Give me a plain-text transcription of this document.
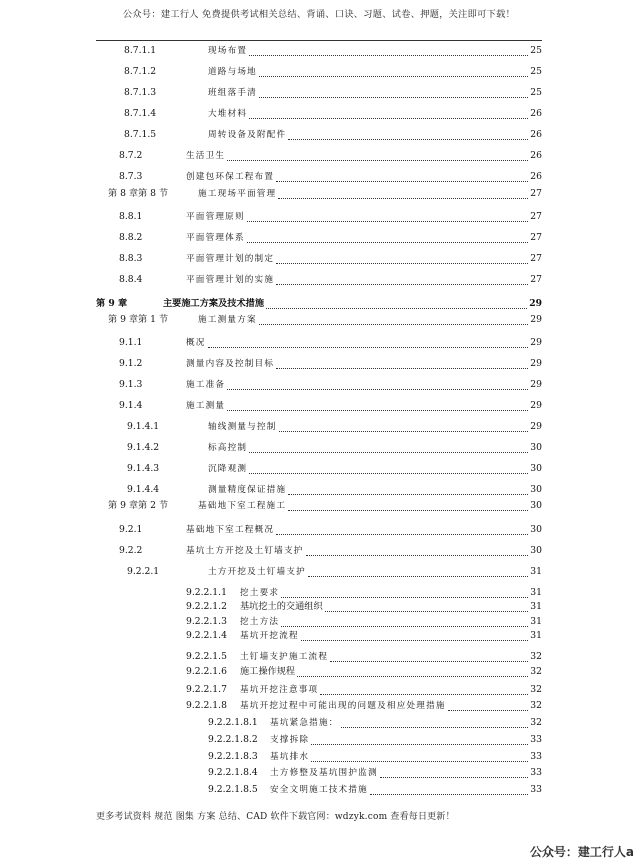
公众号：建工行人 免费提供考试相关总结、背诵、口诀、习题、试卷、押题，关注即可下载！
8.7.1.1	现场布置	25
8.7.1.2	道路与场地	25
8.7.1.3	班组落手清	25
8.7.1.4	大堆材料	26
8.7.1.5	周转设备及附配件	26
8.7.2	生活卫生	26
8.7.3	创建包环保工程布置	26
第 8 章第 8 节	施工现场平面管理	27
8.8.1	平面管理原则	27
8.8.2	平面管理体系	27
8.8.3	平面管理计划的制定	27
8.8.4	平面管理计划的实施	27
第 9 章	主要施工方案及技术措施	29
第 9 章第 1 节	施工测量方案	29
9.1.1	概况	29
9.1.2	测量内容及控制目标	29
9.1.3	施工准备	29
9.1.4	施工测量	29
9.1.4.1	轴线测量与控制	29
9.1.4.2	标高控制	30
9.1.4.3	沉降观测	30
9.1.4.4	测量精度保证措施	30
第 9 章第 2 节	基础地下室工程施工	30
9.2.1	基础地下室工程概况	30
9.2.2	基坑土方开挖及土钉墙支护	30
9.2.2.1	土方开挖及土钉墙支护	31
9.2.2.1.1 挖土要求	31
9.2.2.1.2 基坑挖土的交通组织	31
9.2.2.1.3 挖土方法	31
9.2.2.1.4 基坑开挖流程	31
9.2.2.1.5 土钉墙支护施工流程	32
9.2.2.1.6 施工操作规程	32
9.2.2.1.7 基坑开挖注意事项	32
9.2.2.1.8 基坑开挖过程中可能出现的问题及相应处理措施	32
9.2.2.1.8.1 基坑紧急措施：	32
9.2.2.1.8.2 支撑拆除	33
9.2.2.1.8.3 基坑排水	33
9.2.2.1.8.4 土方修整及基坑围护监测	33
9.2.2.1.8.5 安全文明施工技术措施	33
更多考试资料 规范 图集 方案 总结、CAD 软件下载官网：wdzyk.com 查看每日更新！
公众号：建工行人a
